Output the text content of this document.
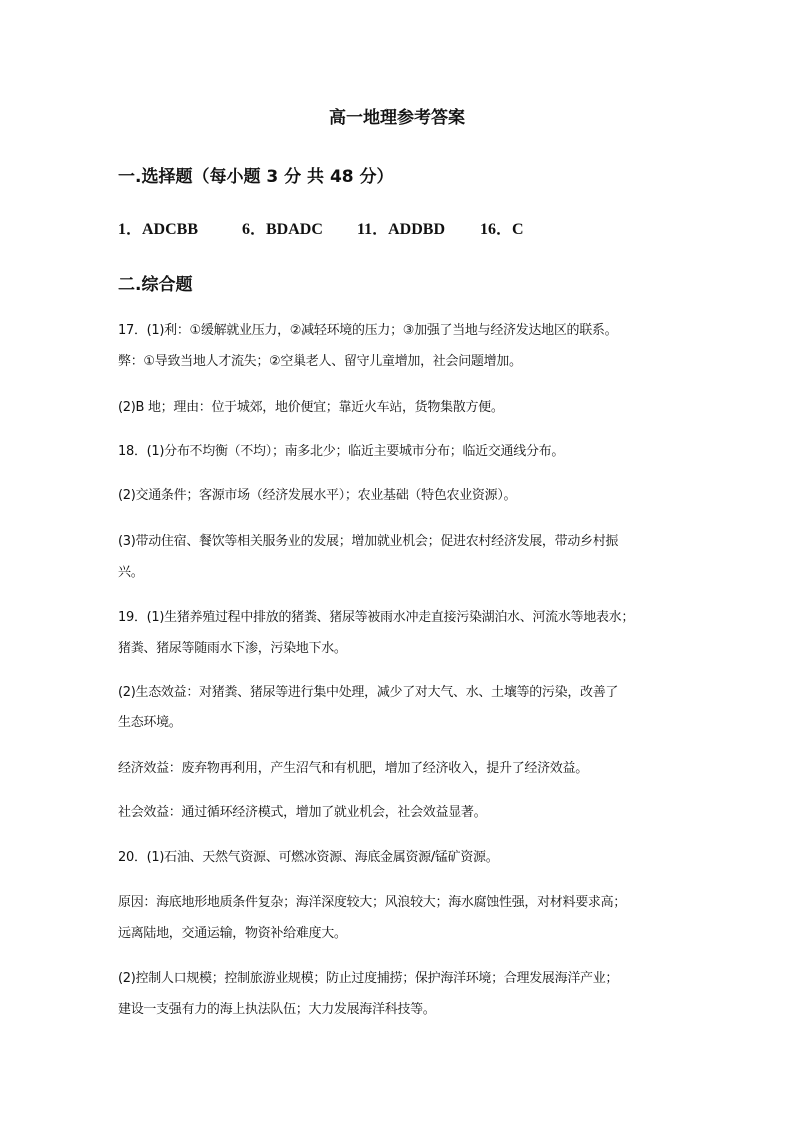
高一地理参考答案
一.选择题（每小题 3 分 共 48 分）
1．ADCBB	6．BDADC 11．ADDBD 16．C
二.综合题
17．(1)利：①缓解就业压力，②减轻环境的压力；③加强了当地与经济发达地区的联系。
弊：①导致当地人才流失；②空巢老人、留守儿童增加，社会问题增加。
(2)B 地；理由：位于城郊，地价便宜；靠近火车站，货物集散方便。
18．(1)分布不均衡（不均）；南多北少；临近主要城市分布；临近交通线分布。
(2)交通条件；客源市场（经济发展水平）；农业基础（特色农业资源）。
(3)带动住宿、餐饮等相关服务业的发展；增加就业机会；促进农村经济发展，带动乡村振
兴。
19．(1)生猪养殖过程中排放的猪粪、猪尿等被雨水冲走直接污染湖泊水、河流水等地表水；
猪粪、猪尿等随雨水下渗，污染地下水。
(2)生态效益：对猪粪、猪尿等进行集中处理，减少了对大气、水、土壤等的污染，改善了
生态环境。
经济效益：废弃物再利用，产生沼气和有机肥，增加了经济收入，提升了经济效益。
社会效益：通过循环经济模式，增加了就业机会，社会效益显著。
20．(1)石油、天然气资源、可燃冰资源、海底金属资源/锰矿资源。
原因：海底地形地质条件复杂；海洋深度较大；风浪较大；海水腐蚀性强，对材料要求高；
远离陆地，交通运输，物资补给难度大。
(2)控制人口规模；控制旅游业规模；防止过度捕捞；保护海洋环境；合理发展海洋产业；
建设一支强有力的海上执法队伍；大力发展海洋科技等。
